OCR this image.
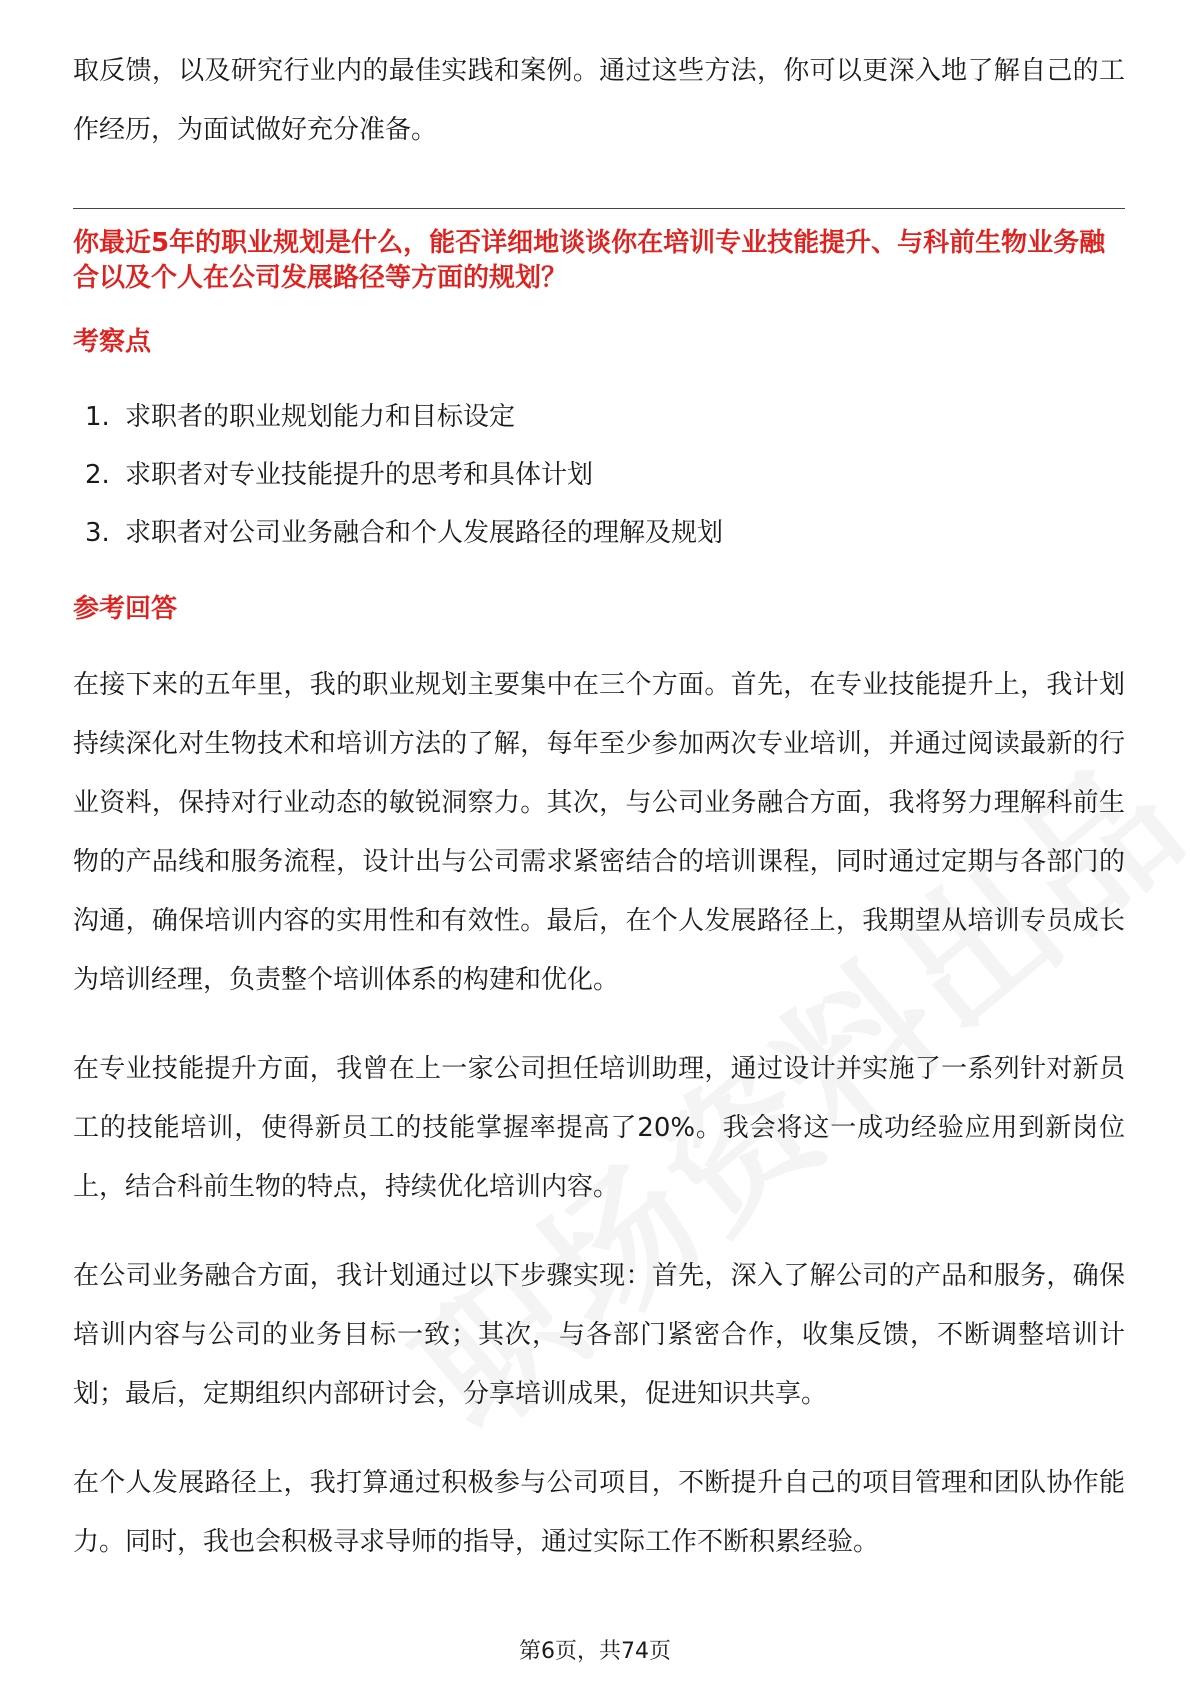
取反馈，以及研究行业内的最佳实践和案例。通过这些方法，你可以更深入地了解自己的工作经历，为面试做好充分准备。

你最近5年的职业规划是什么，能否详细地谈谈你在培训专业技能提升、与科前生物业务融合以及个人在公司发展路径等方面的规划？

考察点

1. 求职者的职业规划能力和目标设定
2. 求职者对专业技能提升的思考和具体计划
3. 求职者对公司业务融合和个人发展路径的理解及规划

参考回答

在接下来的五年里，我的职业规划主要集中在三个方面。首先，在专业技能提升上，我计划持续深化对生物技术和培训方法的了解，每年至少参加两次专业培训，并通过阅读最新的行业资料，保持对行业动态的敏锐洞察力。其次，与公司业务融合方面，我将努力理解科前生物的产品线和服务流程，设计出与公司需求紧密结合的培训课程，同时通过定期与各部门的沟通，确保培训内容的实用性和有效性。最后，在个人发展路径上，我期望从培训专员成长为培训经理，负责整个培训体系的构建和优化。

在专业技能提升方面，我曾在上一家公司担任培训助理，通过设计并实施了一系列针对新员工的技能培训，使得新员工的技能掌握率提高了20%。我会将这一成功经验应用到新岗位上，结合科前生物的特点，持续优化培训内容。

在公司业务融合方面，我计划通过以下步骤实现：首先，深入了解公司的产品和服务，确保培训内容与公司的业务目标一致；其次，与各部门紧密合作，收集反馈，不断调整培训计划；最后，定期组织内部研讨会，分享培训成果，促进知识共享。

在个人发展路径上，我打算通过积极参与公司项目，不断提升自己的项目管理和团队协作能力。同时，我也会积极寻求导师的指导，通过实际工作不断积累经验。

第6页，共74页
